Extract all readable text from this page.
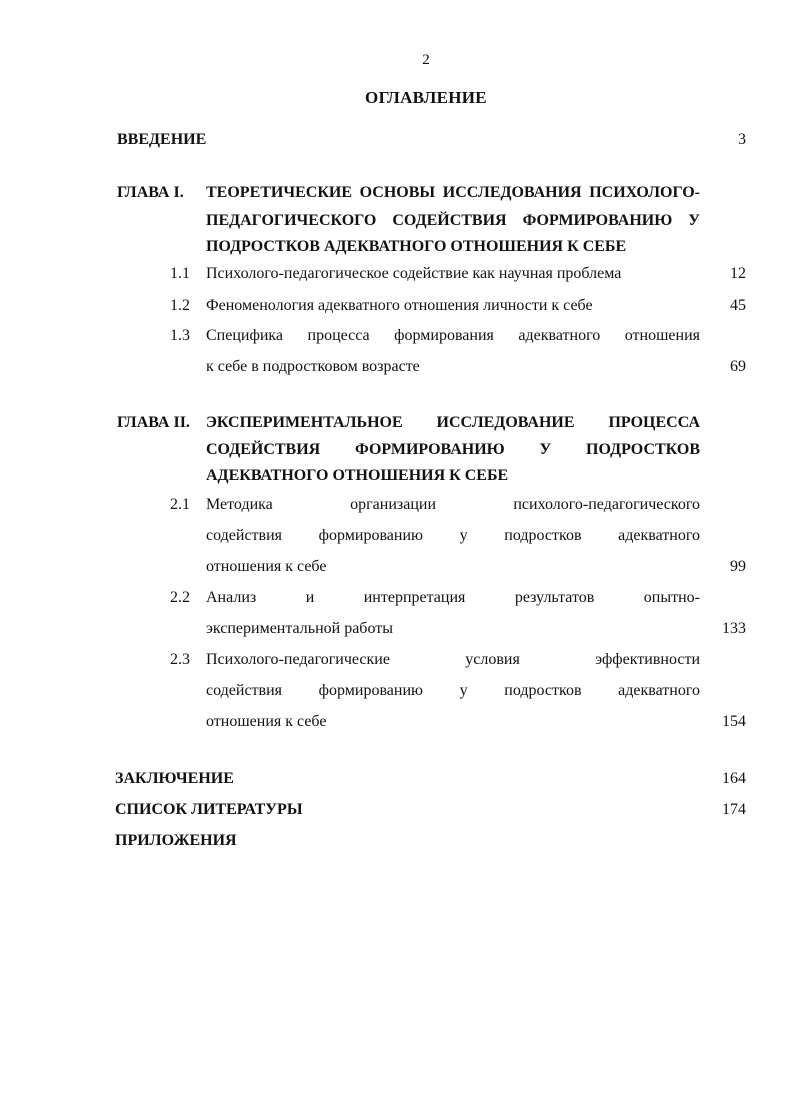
2
ОГЛАВЛЕНИЕ
ВВЕДЕНИЕ	3
ГЛАВА I. ТЕОРЕТИЧЕСКИЕ ОСНОВЫ ИССЛЕДОВАНИЯ ПСИХОЛОГО-
ПЕДАГОГИЧЕСКОГО СОДЕЙСТВИЯ ФОРМИРОВАНИЮ У
ПОДРОСТКОВ АДЕКВАТНОГО ОТНОШЕНИЯ К СЕБЕ
1.1 Психолого-педагогическое содействие как научная проблема	12
1.2 Феноменология адекватного отношения личности к себе	45
1.3 Специфика процесса формирования адекватного отношения
к себе в подростковом возрасте	69
ГЛАВА II. ЭКСПЕРИМЕНТАЛЬНОЕ ИССЛЕДОВАНИЕ ПРОЦЕССА
СОДЕЙСТВИЯ ФОРМИРОВАНИЮ У ПОДРОСТКОВ
АДЕКВАТНОГО ОТНОШЕНИЯ К СЕБЕ
2.1 Методика организации психолого-педагогического
содействия формированию у подростков адекватного
отношения к себе	99
2.2 Анализ и интерпретация результатов опытно-
экспериментальной работы	133
2.3 Психолого-педагогические условия эффективности
содействия формированию у подростков адекватного
отношения к себе	154
ЗАКЛЮЧЕНИЕ	164
СПИСОК ЛИТЕРАТУРЫ	174
ПРИЛОЖЕНИЯ
